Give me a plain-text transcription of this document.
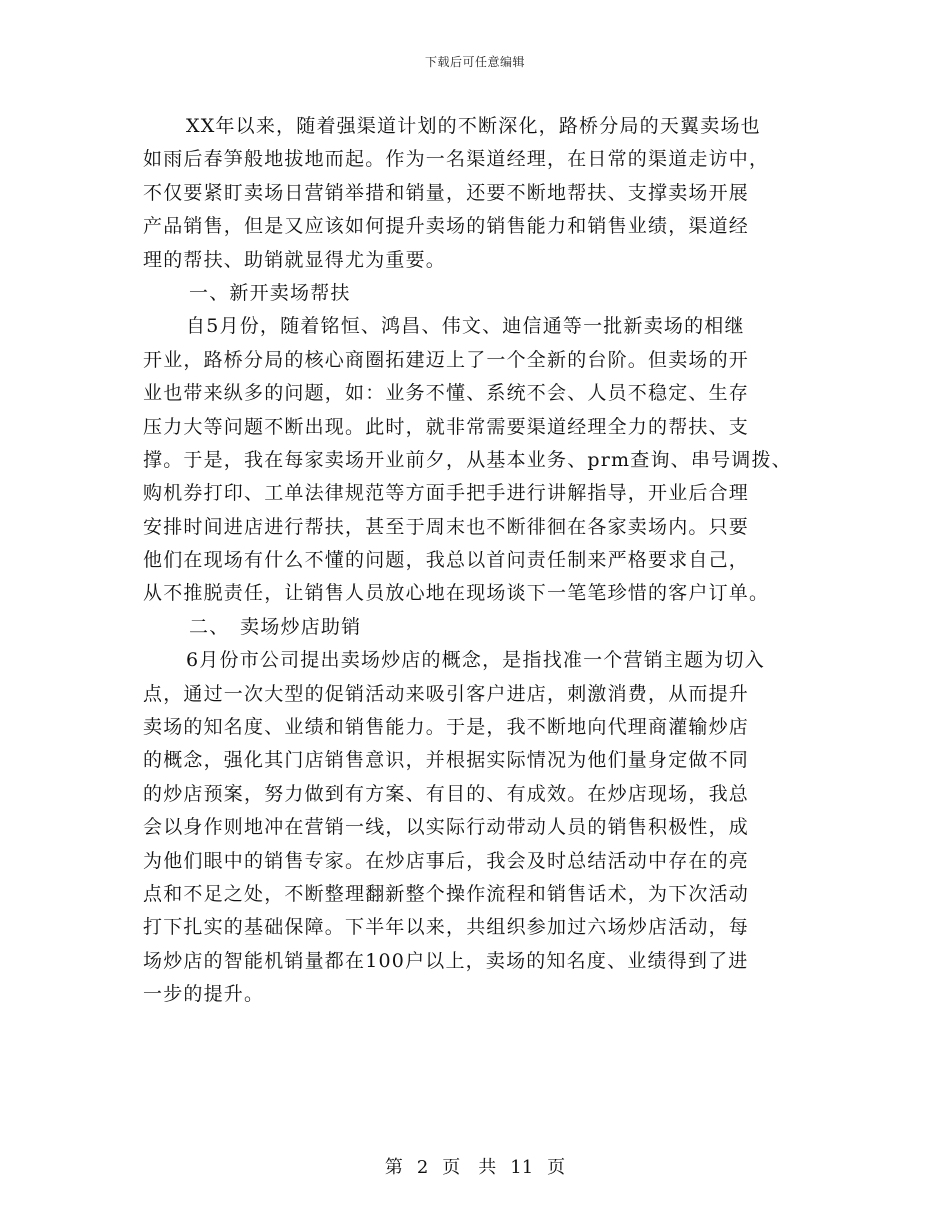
下载后可任意编辑
XX年以来，随着强渠道计划的不断深化，路桥分局的天翼卖场也
如雨后春笋般地拔地而起。作为一名渠道经理，在日常的渠道走访中，
不仅要紧盯卖场日营销举措和销量，还要不断地帮扶、支撑卖场开展
产品销售，但是又应该如何提升卖场的销售能力和销售业绩，渠道经
理的帮扶、助销就显得尤为重要。
一、新开卖场帮扶
自5月份，随着铭恒、鸿昌、伟文、迪信通等一批新卖场的相继
开业，路桥分局的核心商圈拓建迈上了一个全新的台阶。但卖场的开
业也带来纵多的问题，如：业务不懂、系统不会、人员不稳定、生存
压力大等问题不断出现。此时，就非常需要渠道经理全力的帮扶、支
撑。于是，我在每家卖场开业前夕，从基本业务、prm查询、串号调拨、
购机券打印、工单法律规范等方面手把手进行讲解指导，开业后合理
安排时间进店进行帮扶，甚至于周末也不断徘徊在各家卖场内。只要
他们在现场有什么不懂的问题，我总以首问责任制来严格要求自己，
从不推脱责任，让销售人员放心地在现场谈下一笔笔珍惜的客户订单。
二、　卖场炒店助销
6月份市公司提出卖场炒店的概念，是指找准一个营销主题为切入
点，通过一次大型的促销活动来吸引客户进店，刺激消费，从而提升
卖场的知名度、业绩和销售能力。于是，我不断地向代理商灌输炒店
的概念，强化其门店销售意识，并根据实际情况为他们量身定做不同
的炒店预案，努力做到有方案、有目的、有成效。在炒店现场，我总
会以身作则地冲在营销一线，以实际行动带动人员的销售积极性，成
为他们眼中的销售专家。在炒店事后，我会及时总结活动中存在的亮
点和不足之处，不断整理翻新整个操作流程和销售话术，为下次活动
打下扎实的基础保障。下半年以来，共组织参加过六场炒店活动，每
场炒店的智能机销量都在100户以上，卖场的知名度、业绩得到了进
一步的提升。
第 2 页　共 11 页
